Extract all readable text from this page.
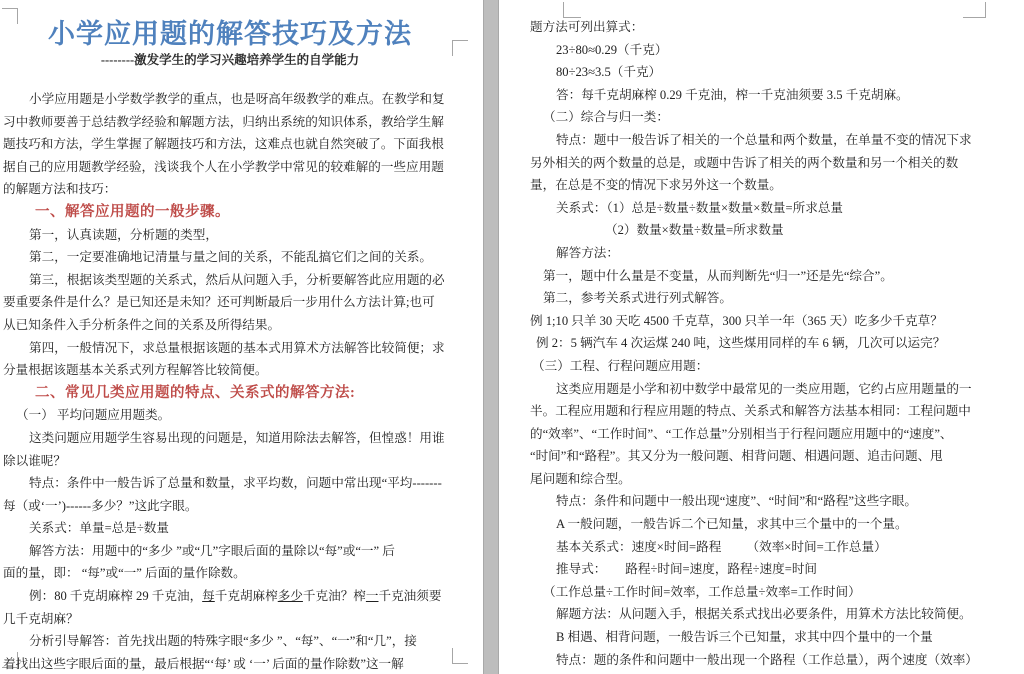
小学应用题的解答技巧及方法
--------激发学生的学习兴趣培养学生的自学能力
小学应用题是小学数学教学的重点，也是呀高年级教学的难点。在教学和复
习中教师要善于总结教学经验和解题方法，归纳出系统的知识体系，教给学生解
题技巧和方法，学生掌握了解题技巧和方法，这难点也就自然突破了。下面我根
据自己的应用题教学经验，浅谈我个人在小学教学中常见的较难解的一些应用题
的解题方法和技巧：
一、解答应用题的一般步骤。
第一，认真读题，分析题的类型，
第二，一定要准确地记清量与量之间的关系，不能乱搞它们之间的关系。
第三，根据该类型题的关系式，然后从问题入手，分析要解答此应用题的必
要重要条件是什么？是已知还是未知？还可判断最后一步用什么方法计算;也可
从已知条件入手分析条件之间的关系及所得结果。
第四，一般情况下，求总量根据该题的基本式用算术方法解答比较简便；求
分量根据该题基本关系式列方程解答比较简便。
二、常见几类应用题的特点、关系式的解答方法:
（一） 平均问题应用题类。
这类问题应用题学生容易出现的问题是，知道用除法去解答，但惶惑！用谁
除以谁呢？
特点：条件中一般告诉了总量和数量，求平均数，问题中常出现“平均-------
每（或‘一’)------多少？”这此字眼。
关系式：单量=总是÷数量
解答方法：用题中的“多少 ”或“几”字眼后面的量除以“每”或“一” 后
面的量，即： “每”或“一” 后面的量作除数。
例：80 千克胡麻榨 29 千克油，每千克胡麻榨多少千克油？榨一千克油须要
几千克胡麻？
分析引导解答：首先找出题的特殊字眼“多少 ”、“每”、“一”和“几”，接
着找出这些字眼后面的量，最后根据“‘每’ 或 ‘一’ 后面的量作除数”这一解
题方法可列出算式：
23÷80≈0.29（千克）
80÷23≈3.5（千克）
答：每千克胡麻榨 0.29 千克油，榨一千克油须要 3.5 千克胡麻。
（二）综合与归一类：
特点：题中一般告诉了相关的一个总量和两个数量，在单量不变的情况下求
另外相关的两个数量的总是，或题中告诉了相关的两个数量和另一个相关的数
量，在总是不变的情况下求另外这一个数量。
关系式：（1）总是÷数量÷数量×数量×数量=所求总量
（2）数量×数量÷数量=所求数量
解答方法：
第一，题中什么量是不变量，从而判断先“归一”还是先“综合”。
第二，参考关系式进行列式解答。
例 1;10 只羊 30 天吃 4500 千克草，300 只羊一年（365 天）吃多少千克草？
例 2：5 辆汽车 4 次运煤 240 吨，这些煤用同样的车 6 辆，几次可以运完？
（三）工程、行程问题应用题：
这类应用题是小学和初中数学中最常见的一类应用题，它约占应用题量的一
半。工程应用题和行程应用题的特点、关系式和解答方法基本相同：工程问题中
的“效率”、“工作时间”、“工作总量”分别相当于行程问题应用题中的“速度”、
“时间”和“路程”。其又分为一般问题、相背问题、相遇问题、追击问题、甩
尾问题和综合型。
特点：条件和问题中一般出现“速度”、“时间”和“路程”这些字眼。
A 一般问题，一般告诉二个已知量，求其中三个量中的一个量。
基本关系式：速度×时间=路程        （效率×时间=工作总量）
推导式：      路程÷时间=速度，路程÷速度=时间
（工作总量÷工作时间=效率，工作总量÷效率=工作时间）
解题方法：从问题入手，根据关系式找出必要条件，用算术方法比较简便。
B 相遇、相背问题，一般告诉三个已知量，求其中四个量中的一个量
特点：题的条件和问题中一般出现一个路程（工作总量），两个速度（效率）
